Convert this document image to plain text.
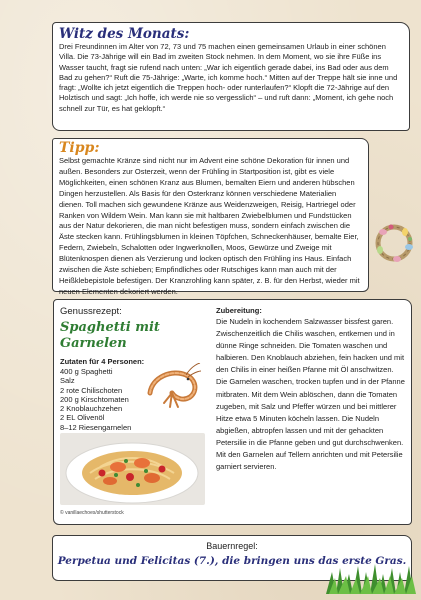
Witz des Monats:

Drei Freundinnen im Alter von 72, 73 und 75 machen einen gemeinsamen Urlaub in einer schönen Villa. Die 73-Jährige will ein Bad im zweiten Stock nehmen. In dem Moment, wo sie ihre Füße ins Wasser taucht, fragt sie rufend nach unten: „War ich eigentlich gerade dabei, ins Bad oder aus dem Bad zu gehen?“ Ruft die 75-Jährige: „Warte, ich komme hoch.“ Mitten auf der Treppe hält sie inne und fragt: „Wollte ich jetzt eigentlich die Treppen hoch- oder runterlaufen?“ Klopft die 72-Jährige auf den Holztisch und sagt: „Ich hoffe, ich werde nie so vergesslich“ – und ruft dann: „Moment, ich gehe noch schnell zur Tür, es hat geklopft.“

Tipp:

Selbst gemachte Kränze sind nicht nur im Advent eine schöne Dekoration für innen und außen. Besonders zur Osterzeit, wenn der Frühling in Startposition ist, gibt es viele Möglichkeiten, einen schönen Kranz aus Blumen, bemalten Eiern und anderen hübschen Dingen herzustellen. Als Basis für den Osterkranz können verschiedene Materialien dienen. Toll machen sich gewundene Kränze aus Weidenzweigen, Reisig, Hartriegel oder Ranken von Wildem Wein. Man kann sie mit haltbaren Zwiebelblumen und Fundstücken aus der Natur dekorieren, die man nicht befestigen muss, sondern einfach zwischen die Äste stecken kann. Frühlingsblumen in kleinen Töpfchen, Schneckenhäuser, bemalte Eier, Federn, Zwiebeln, Schalotten oder Ingwerknollen, Moos, Gewürze und Zweige mit Blütenknospen dienen als Verzierung und locken optisch den Frühling ins Haus. Einfach zwischen die Äste schieben; Empfindliches oder Rutschiges kann man auch mit der Heißklebepistole befestigen. Der Kranzrohling kann später, z. B. für den Herbst, wieder mit neuen Elementen dekoriert werden.

Genussrezept:
Spaghetti mit Garnelen
Zutaten für 4 Personen:
400 g Spaghetti
Salz
2 rote Chilischoten
200 g Kirschtomaten
2 Knoblauchzehen
2 EL Olivenöl
8–12 Riesengarnelen
© vanillaechoes/shutterstock
Zubereitung:

Die Nudeln in kochendem Salzwasser bissfest garen. Zwischenzeitlich die Chilis waschen, entkernen und in dünne Ringe schneiden. Die Tomaten waschen und halbieren. Den Knoblauch abziehen, fein hacken und mit den Chilis in einer heißen Pfanne mit Öl anschwitzen. Die Garnelen waschen, trocken tupfen und in der Pfanne mitbraten. Mit dem Wein ablöschen, dann die Tomaten zugeben, mit Salz und Pfeffer würzen und bei mittlerer Hitze etwa 5 Minuten köcheln lassen. Die Nudeln abgießen, abtropfen lassen und mit der gehackten Petersilie in die Pfanne geben und gut durchschwenken. Mit den Garnelen auf Tellern anrichten und mit Petersilie garniert servieren.

Bauernregel:
Perpetua und Felicitas (7.), die bringen uns das erste Gras.
